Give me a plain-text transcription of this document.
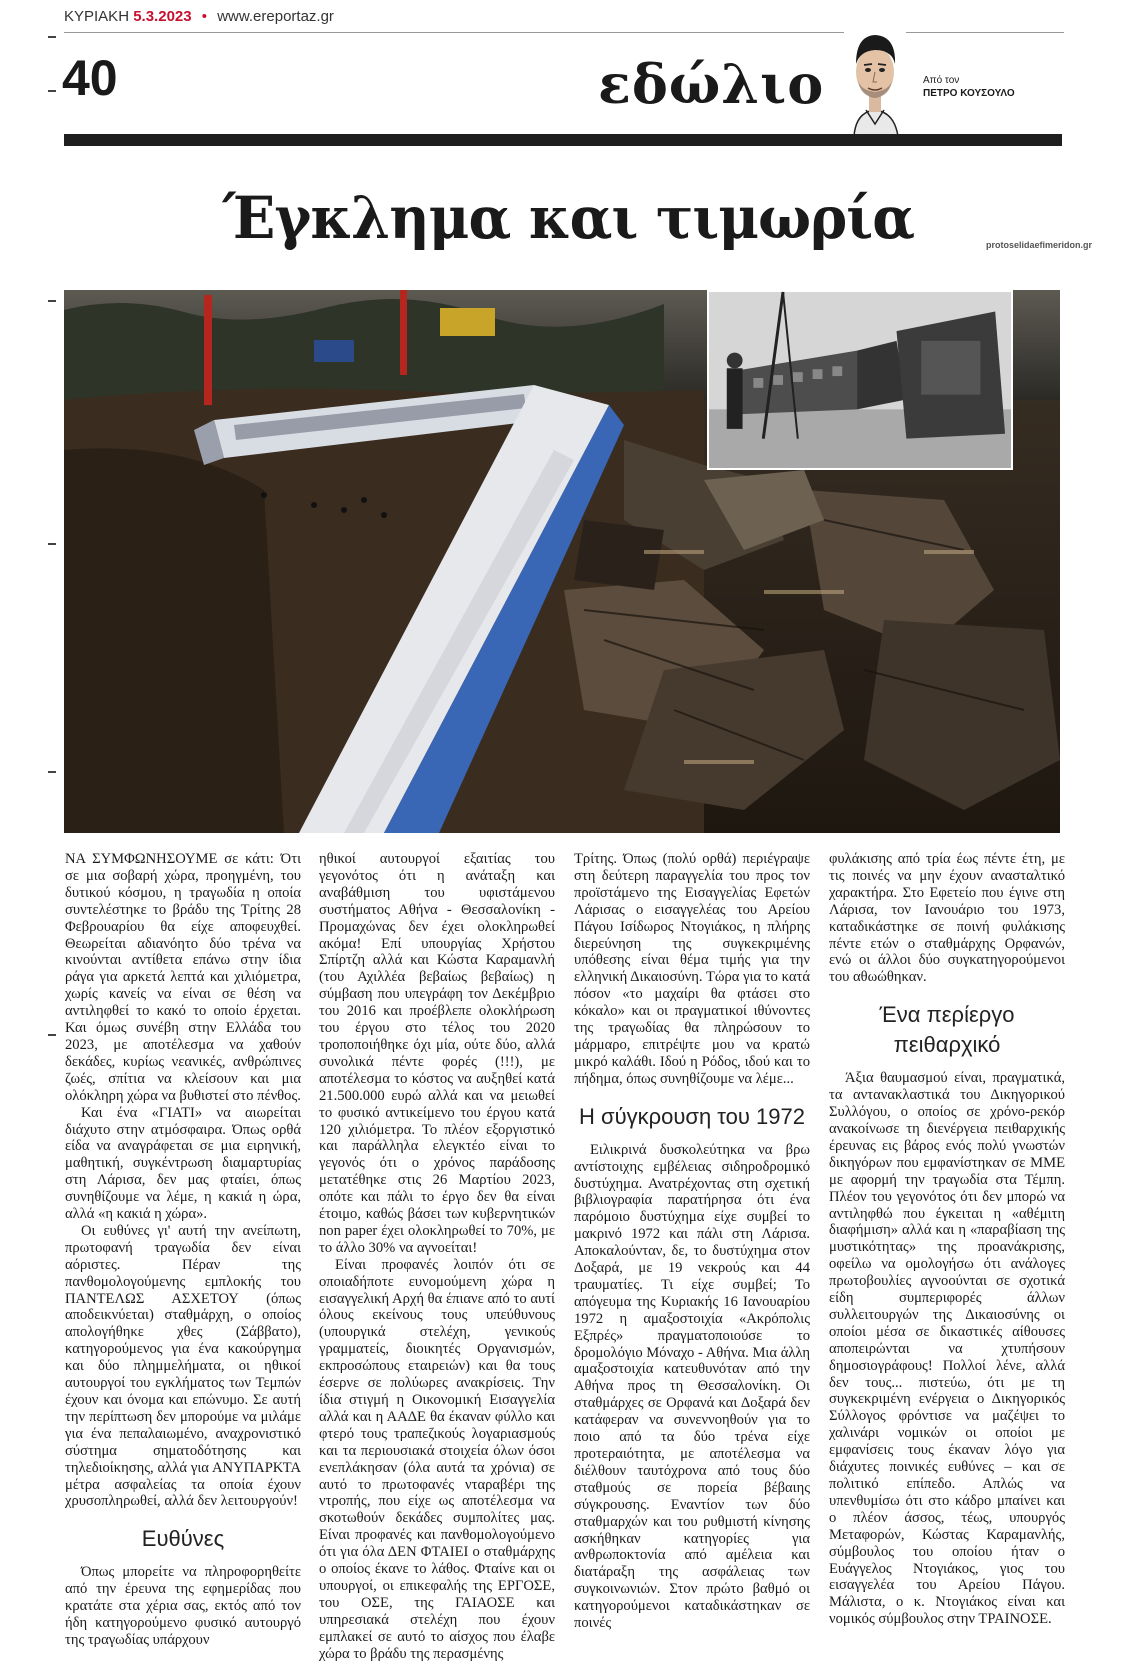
ΚΥΡΙΑΚΗ 5.3.2023 • www.ereportaz.gr
40	εδώλιο	Από τον
ΠΕΤΡΟ ΚΟΥΣΟΥΛΟ
Έγκλημα και τιμωρία	protoselidaefimeridon.gr

ΝΑ ΣΥΜΦΩΝΗΣΟΥΜΕ σε κάτι: Ότι σε μια σοβαρή χώρα, προηγμένη, του δυτικού κόσμου, η τραγωδία η οποία συντελέστηκε το βράδυ της Τρίτης 28 Φεβρουαρίου θα είχε αποφευχθεί. Θεωρείται αδιανόητο δύο τρένα να κινούνται αντίθετα επάνω στην ίδια ράγα για αρκετά λεπτά και χιλιόμετρα, χωρίς κανείς να είναι σε θέση να αντιληφθεί το κακό το οποίο έρχεται. Και όμως συνέβη στην Ελλάδα του 2023, με αποτέλεσμα να χαθούν δεκάδες, κυρίως νεανικές, ανθρώπινες ζωές, σπίτια να κλείσουν και μια ολόκληρη χώρα να βυθιστεί στο πένθος.

Και ένα «ΓΙΑΤΙ» να αιωρείται διάχυτο στην ατμόσφαιρα. Όπως ορθά είδα να αναγράφεται σε μια ειρηνική, μαθητική, συγκέντρωση διαμαρτυρίας στη Λάρισα, δεν μας φταίει, όπως συνηθίζουμε να λέμε, η κακιά η ώρα, αλλά «η κακιά η χώρα».

Οι ευθύνες γι' αυτή την ανείπωτη, πρωτοφανή τραγωδία δεν είναι αόριστες. Πέραν της πανθομολογούμενης εμπλοκής του ΠΑΝΤΕΛΩΣ ΑΣΧΕΤΟΥ (όπως αποδεικνύεται) σταθμάρχη, ο οποίος απολογήθηκε χθες (Σάββατο), κατηγορούμενος για ένα κακούργημα και δύο πλημμελήματα, οι ηθικοί αυτουργοί του εγκλήματος των Τεμπών έχουν και όνομα και επώνυμο. Σε αυτή την περίπτωση δεν μπορούμε να μιλάμε για ένα πεπαλαιωμένο, αναχρονιστικό σύστημα σηματοδότησης και τηλεδιοίκησης, αλλά για ΑΝΥΠΑΡΚΤΑ μέτρα ασφαλείας τα οποία έχουν χρυσοπληρωθεί, αλλά δεν λειτουργούν!

Ευθύνες

Όπως μπορείτε να πληροφορηθείτε από την έρευνα της εφημερίδας που κρατάτε στα χέρια σας, εκτός από τον ήδη κατηγορούμενο φυσικό αυτουργό της τραγωδίας υπάρχουν

ηθικοί αυτουργοί εξαιτίας του γεγονότος ότι η ανάταξη και αναβάθμιση του υφιστάμενου συστήματος Αθήνα - Θεσσαλονίκη - Προμαχώνας δεν έχει ολοκληρωθεί ακόμα! Επί υπουργίας Χρήστου Σπίρτζη αλλά και Κώστα Καραμανλή (του Αχιλλέα βεβαίως βεβαίως) η σύμβαση που υπεγράφη τον Δεκέμβριο του 2016 και προέβλεπε ολοκλήρωση του έργου στο τέλος του 2020 τροποποιήθηκε όχι μία, ούτε δύο, αλλά συνολικά πέντε φορές (!!!), με αποτέλεσμα το κόστος να αυξηθεί κατά 21.500.000 ευρώ αλλά και να μειωθεί το φυσικό αντικείμενο του έργου κατά 120 χιλιόμετρα. Το πλέον εξοργιστικό και παράλληλα ελεγκτέο είναι το γεγονός ότι ο χρόνος παράδοσης μετατέθηκε στις 26 Μαρτίου 2023, οπότε και πάλι το έργο δεν θα είναι έτοιμο, καθώς βάσει των κυβερνητικών non paper έχει ολοκληρωθεί το 70%, με το άλλο 30% να αγνοείται!

Είναι προφανές λοιπόν ότι σε οποιαδήποτε ευνομούμενη χώρα η εισαγγελική Αρχή θα έπιανε από το αυτί όλους εκείνους τους υπεύθυνους (υπουργικά στελέχη, γενικούς γραμματείς, διοικητές Οργανισμών, εκπροσώπους εταιρειών) και θα τους έσερνε σε πολύωρες ανακρίσεις. Την ίδια στιγμή η Οικονομική Εισαγγελία αλλά και η ΑΑΔΕ θα έκαναν φύλλο και φτερό τους τραπεζικούς λογαριασμούς και τα περιουσιακά στοιχεία όλων όσοι ενεπλάκησαν (όλα αυτά τα χρόνια) σε αυτό το πρωτοφανές νταραβέρι της ντροπής, που είχε ως αποτέλεσμα να σκοτωθούν δεκάδες συμπολίτες μας. Είναι προφανές και πανθομολογούμενο ότι για όλα ΔΕΝ ΦΤΑΙΕΙ ο σταθμάρχης ο οποίος έκανε το λάθος. Φταίνε και οι υπουργοί, οι επικεφαλής της ΕΡΓΟΣΕ, του ΟΣΕ, της ΓΑΙΑΟΣΕ και υπηρεσιακά στελέχη που έχουν εμπλακεί σε αυτό το αίσχος που έλαβε χώρα το βράδυ της περασμένης

Τρίτης. Όπως (πολύ ορθά) περιέγραψε στη δεύτερη παραγγελία του προς τον προϊστάμενο της Εισαγγελίας Εφετών Λάρισας ο εισαγγελέας του Αρείου Πάγου Ισίδωρος Ντογιάκος, η πλήρης διερεύνηση της συγκεκριμένης υπόθεσης είναι θέμα τιμής για την ελληνική Δικαιοσύνη. Τώρα για το κατά πόσον «το μαχαίρι θα φτάσει στο κόκαλο» και οι πραγματικοί ιθύνοντες της τραγωδίας θα πληρώσουν το μάρμαρο, επιτρέψτε μου να κρατώ μικρό καλάθι. Ιδού η Ρόδος, ιδού και το πήδημα, όπως συνηθίζουμε να λέμε...

Η σύγκρουση του 1972

Ειλικρινά δυσκολεύτηκα να βρω αντίστοιχης εμβέλειας σιδηροδρομικό δυστύχημα. Ανατρέχοντας στη σχετική βιβλιογραφία παρατήρησα ότι ένα παρόμοιο δυστύχημα είχε συμβεί το μακρινό 1972 και πάλι στη Λάρισα. Αποκαλούνταν, δε, το δυστύχημα στον Δοξαρά, με 19 νεκρούς και 44 τραυματίες. Τι είχε συμβεί; Το απόγευμα της Κυριακής 16 Ιανουαρίου 1972 η αμαξοστοιχία «Ακρόπολις Εξπρές» πραγματοποιούσε το δρομολόγιο Μόναχο - Αθήνα. Μια άλλη αμαξοστοιχία κατευθυνόταν από την Αθήνα προς τη Θεσσαλονίκη. Οι σταθμάρχες σε Ορφανά και Δοξαρά δεν κατάφεραν να συνεννοηθούν για το ποιο από τα δύο τρένα είχε προτεραιότητα, με αποτέλεσμα να διέλθουν ταυτόχρονα από τους δύο σταθμούς σε πορεία βέβαιης σύγκρουσης. Εναντίον των δύο σταθμαρχών και του ρυθμιστή κίνησης ασκήθηκαν κατηγορίες για ανθρωποκτονία από αμέλεια και διατάραξη της ασφάλειας των συγκοινωνιών. Στον πρώτο βαθμό οι κατηγορούμενοι καταδικάστηκαν σε ποινές

φυλάκισης από τρία έως πέντε έτη, με τις ποινές να μην έχουν ανασταλτικό χαρακτήρα. Στο Εφετείο που έγινε στη Λάρισα, τον Ιανουάριο του 1973, καταδικάστηκε σε ποινή φυλάκισης πέντε ετών ο σταθμάρχης Ορφανών, ενώ οι άλλοι δύο συγκατηγορούμενοι του αθωώθηκαν.

Ένα περίεργο πειθαρχικό

Άξια θαυμασμού είναι, πραγματικά, τα αντανακλαστικά του Δικηγορικού Συλλόγου, ο οποίος σε χρόνο-ρεκόρ ανακοίνωσε τη διενέργεια πειθαρχικής έρευνας εις βάρος ενός πολύ γνωστών δικηγόρων που εμφανίστηκαν σε ΜΜΕ με αφορμή την τραγωδία στα Τέμπη. Πλέον του γεγονότος ότι δεν μπορώ να αντιληφθώ που έγκειται η «αθέμιτη διαφήμιση» αλλά και η «παραβίαση της μυστικότητας» της προανάκρισης, οφείλω να ομολογήσω ότι ανάλογες πρωτοβουλίες αγνοούνται σε σχοτικά είδη συμπεριφορές άλλων συλλειτουργών της Δικαιοσύνης οι οποίοι μέσα σε δικαστικές αίθουσες αποπειρώνται να χτυπήσουν δημοσιογράφους! Πολλοί λένε, αλλά δεν τους... πιστεύω, ότι με τη συγκεκριμένη ενέργεια ο Δικηγορικός Σύλλογος φρόντισε να μαζέψει το χαλινάρι νομικών οι οποίοι με εμφανίσεις τους έκαναν λόγο για διάχυτες ποινικές ευθύνες – και σε πολιτικό επίπεδο. Απλώς να υπενθυμίσω ότι στο κάδρο μπαίνει και ο πλέον άσσος, τέως, υπουργός Μεταφορών, Κώστας Καραμανλής, σύμβουλος του οποίου ήταν ο Ευάγγελος Ντογιάκος, γιος του εισαγγελέα του Αρείου Πάγου. Μάλιστα, ο κ. Ντογιάκος είναι και νομικός σύμβουλος στην ΤΡΑΙΝΟΣΕ.
